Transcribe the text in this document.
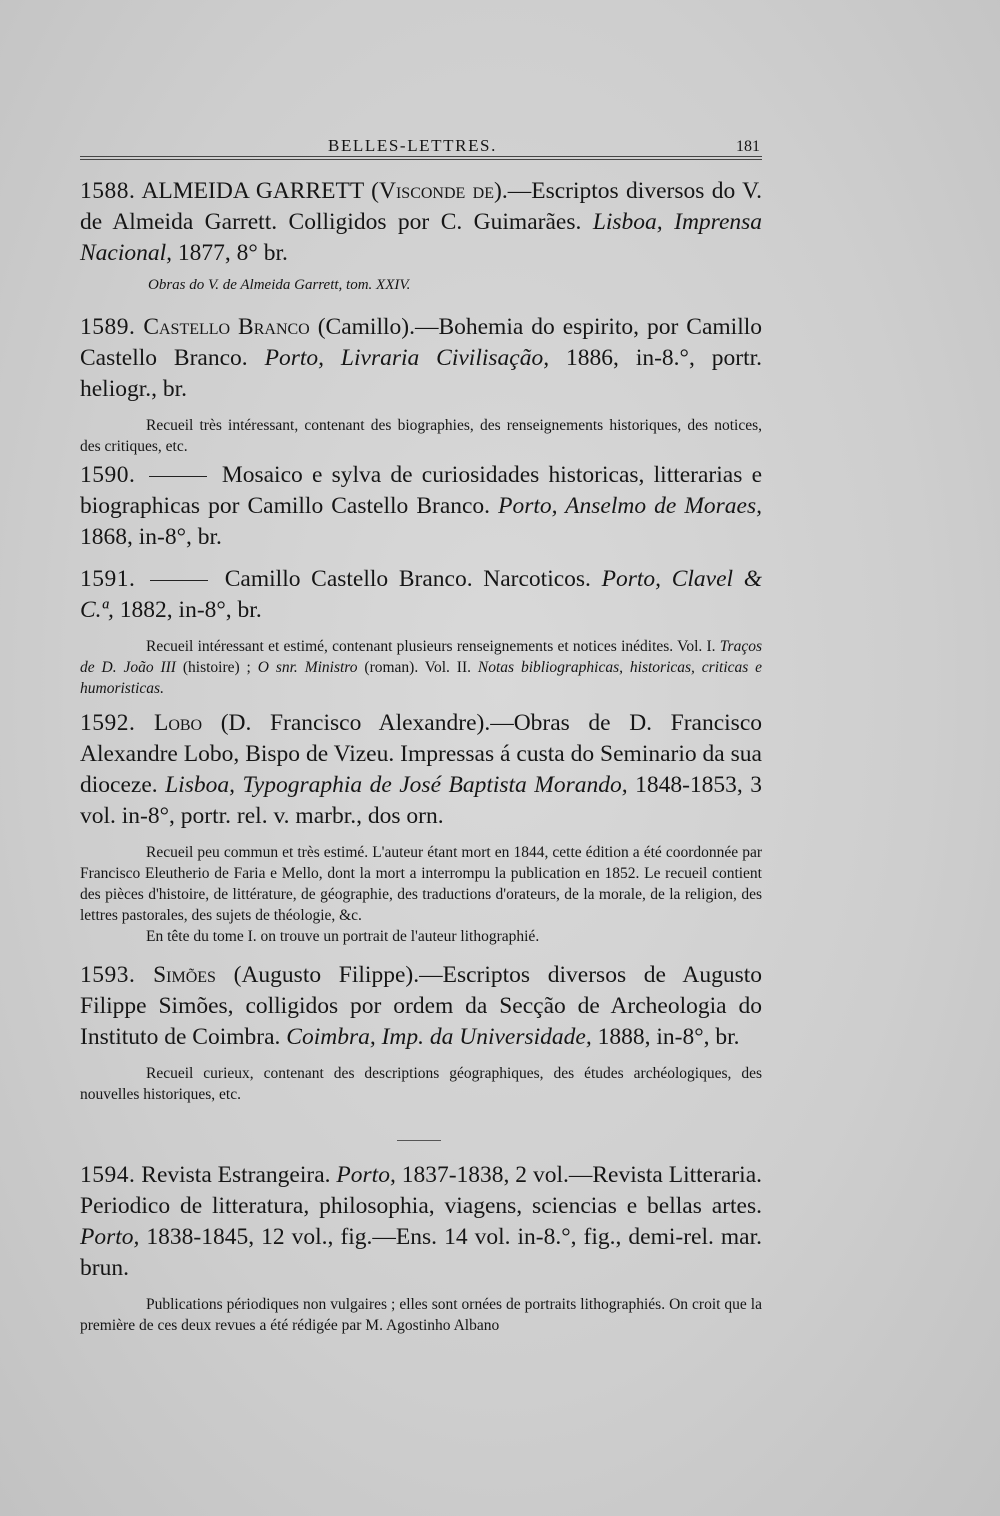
BELLES-LETTRES.	181

1588. ALMEIDA GARRETT (Visconde de).—Escriptos diversos do V. de Almeida Garrett. Colligidos por C. Guimarães. Lisboa, Imprensa Nacional, 1877, 8° br.

Obras do V. de Almeida Garrett, tom. XXIV.

1589. Castello Branco (Camillo).—Bohemia do espirito, por Camillo Castello Branco. Porto, Livraria Civilisação, 1886, in-8.°, portr. heliogr., br.

Recueil très intéressant, contenant des biographies, des renseignements historiques, des notices, des critiques, etc.

1590.	Mosaico e sylva de curiosidades historicas, litterarias e biographicas por Camillo Castello Branco. Porto, Anselmo de Moraes, 1868, in-8°, br.

1591.	Camillo Castello Branco. Narcoticos. Porto, Clavel & C.ª, 1882, in-8°, br.

Recueil intéressant et estimé, contenant plusieurs renseignements et notices inédites. Vol. I. Traços de D. João III (histoire) ; O snr. Ministro (roman). Vol. II. Notas bibliographicas, historicas, criticas e humoristicas.

1592. Lobo (D. Francisco Alexandre).—Obras de D. Francisco Alexandre Lobo, Bispo de Vizeu. Impressas á custa do Seminario da sua dioceze. Lisboa, Typographia de José Baptista Morando, 1848-1853, 3 vol. in-8°, portr. rel. v. marbr., dos orn.

Recueil peu commun et très estimé. L'auteur étant mort en 1844, cette édition a été coordonnée par Francisco Eleutherio de Faria e Mello, dont la mort a interrompu la publication en 1852. Le recueil contient des pièces d'histoire, de littérature, de géographie, des traductions d'orateurs, de la morale, de la religion, des lettres pastorales, des sujets de théologie, &c.

En tête du tome I. on trouve un portrait de l'auteur lithographié.

1593. Simões (Augusto Filippe).—Escriptos diversos de Augusto Filippe Simões, colligidos por ordem da Secção de Archeologia do Instituto de Coimbra. Coimbra, Imp. da Universidade, 1888, in-8°, br.

Recueil curieux, contenant des descriptions géographiques, des études archéologiques, des nouvelles historiques, etc.

1594. Revista Estrangeira. Porto, 1837-1838, 2 vol.—Revista Litteraria. Periodico de litteratura, philosophia, viagens, sciencias e bellas artes. Porto, 1838-1845, 12 vol., fig.—Ens. 14 vol. in-8.°, fig., demi-rel. mar. brun.

Publications périodiques non vulgaires ; elles sont ornées de portraits lithographiés. On croit que la première de ces deux revues a été rédigée par M. Agostinho Albano
